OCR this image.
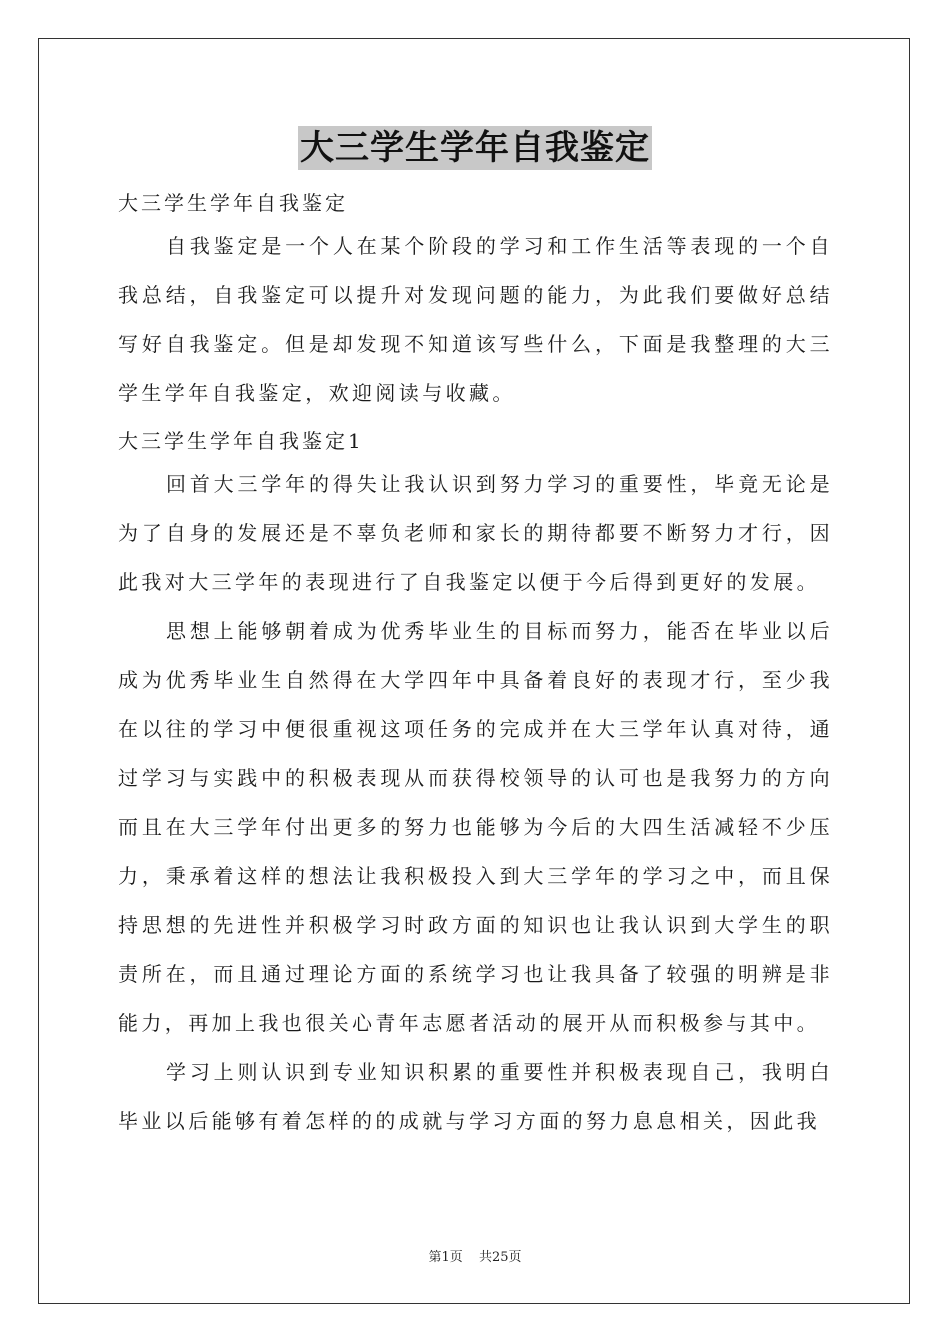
大三学生学年自我鉴定
大三学生学年自我鉴定

自我鉴定是一个人在某个阶段的学习和工作生活等表现的一个自我总结，自我鉴定可以提升对发现问题的能力，为此我们要做好总结写好自我鉴定。但是却发现不知道该写些什么，下面是我整理的大三学生学年自我鉴定，欢迎阅读与收藏。

大三学生学年自我鉴定1

回首大三学年的得失让我认识到努力学习的重要性，毕竟无论是为了自身的发展还是不辜负老师和家长的期待都要不断努力才行，因此我对大三学年的表现进行了自我鉴定以便于今后得到更好的发展。

思想上能够朝着成为优秀毕业生的目标而努力，能否在毕业以后成为优秀毕业生自然得在大学四年中具备着良好的表现才行，至少我在以往的学习中便很重视这项任务的完成并在大三学年认真对待，通过学习与实践中的积极表现从而获得校领导的认可也是我努力的方向而且在大三学年付出更多的努力也能够为今后的大四生活减轻不少压力，秉承着这样的想法让我积极投入到大三学年的学习之中，而且保持思想的先进性并积极学习时政方面的知识也让我认识到大学生的职责所在，而且通过理论方面的系统学习也让我具备了较强的明辨是非能力，再加上我也很关心青年志愿者活动的展开从而积极参与其中。

学习上则认识到专业知识积累的重要性并积极表现自己，我明白毕业以后能够有着怎样的的成就与学习方面的努力息息相关，因此我

第1页 共25页
